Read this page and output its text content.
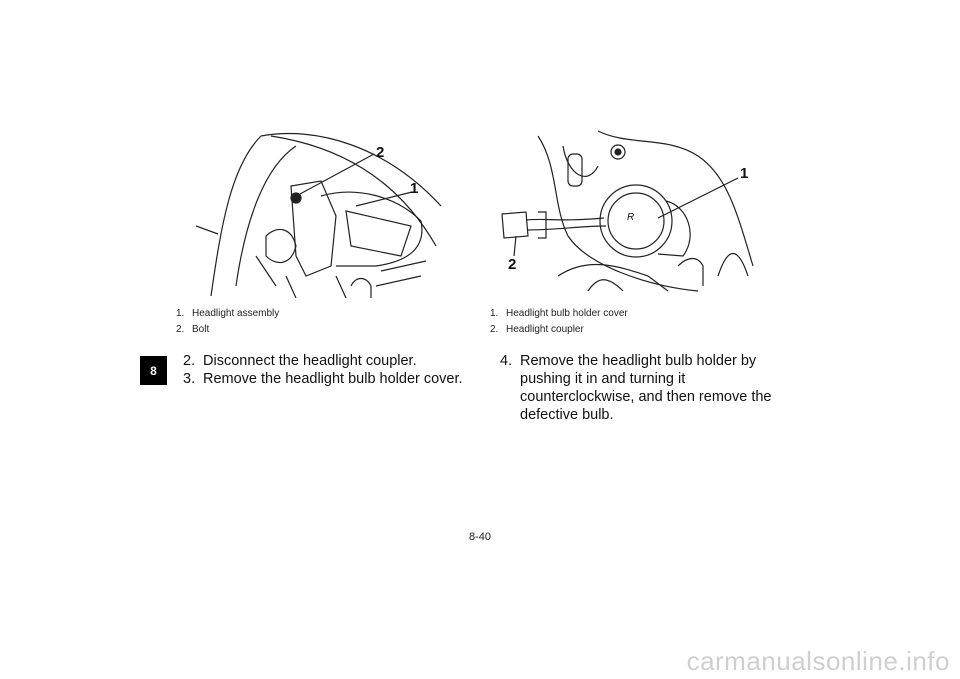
8
2
1
R
1
2
1. Headlight assembly
2. Bolt
1. Headlight bulb holder cover
2. Headlight coupler
2. Disconnect the headlight coupler.
3. Remove the headlight bulb holder cover.
4. Remove the headlight bulb holder by pushing it in and turning it counterclockwise, and then remove the defective bulb.
8-40
carmanualsonline.info
